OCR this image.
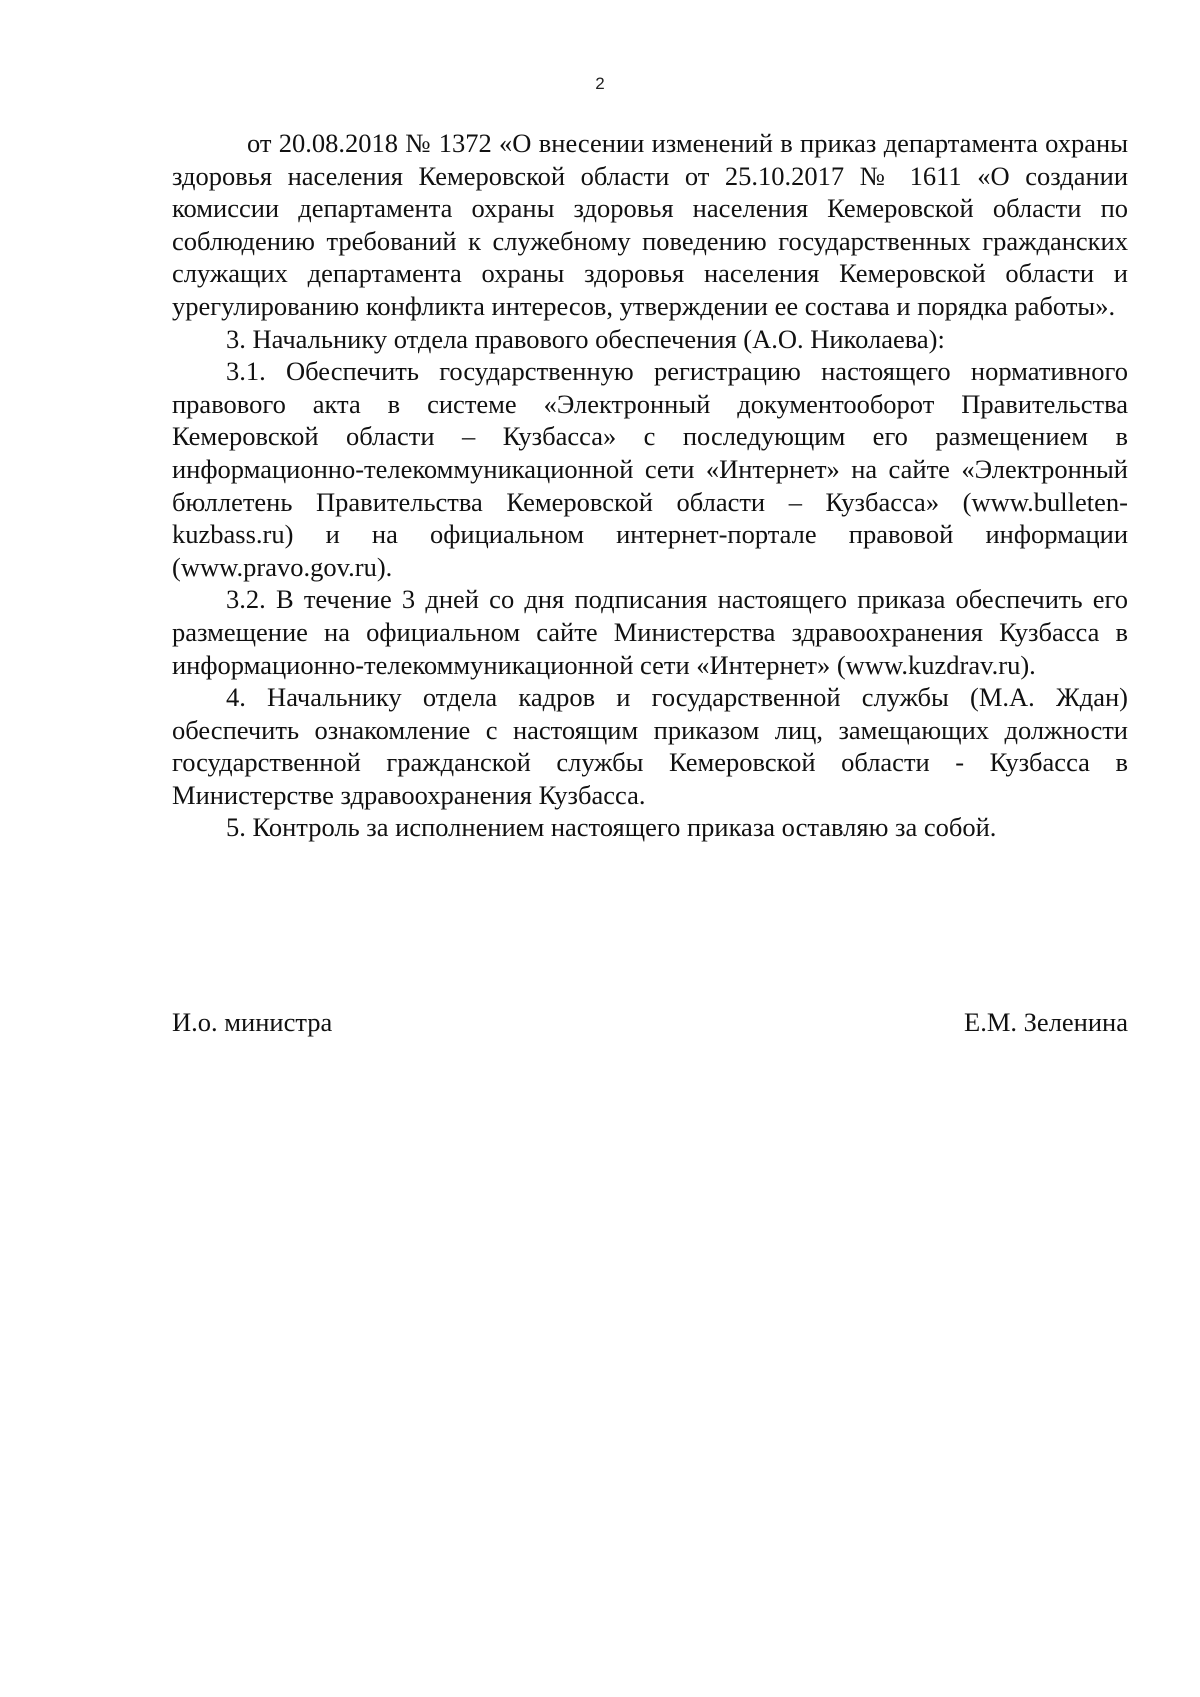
2

от 20.08.2018 № 1372 «О внесении изменений в приказ департамента охраны здоровья населения Кемеровской области от 25.10.2017 № 1611 «О создании комиссии департамента охраны здоровья населения Кемеровской области по соблюдению требований к служебному поведению государственных гражданских служащих департамента охраны здоровья населения Кемеровской области и урегулированию конфликта интересов, утверждении ее состава и порядка работы».

3. Начальнику отдела правового обеспечения (А.О. Николаева):

3.1. Обеспечить государственную регистрацию настоящего нормативного правового акта в системе «Электронный документооборот Правительства Кемеровской области – Кузбасса» с последующим его размещением в информационно-телекоммуникационной сети «Интернет» на сайте «Электронный бюллетень Правительства Кемеровской области – Кузбасса» (www.bulleten-kuzbass.ru) и на официальном интернет-портале правовой информации (www.pravo.gov.ru).

3.2. В течение 3 дней со дня подписания настоящего приказа обеспечить его размещение на официальном сайте Министерства здравоохранения Кузбасса в информационно-телекоммуникационной сети «Интернет» (www.kuzdrav.ru).

4. Начальнику отдела кадров и государственной службы (М.А. Ждан) обеспечить ознакомление с настоящим приказом лиц, замещающих должности государственной гражданской службы Кемеровской области - Кузбасса в Министерстве здравоохранения Кузбасса.

5. Контроль за исполнением настоящего приказа оставляю за собой.

И.о. министра	Е.М. Зеленина
